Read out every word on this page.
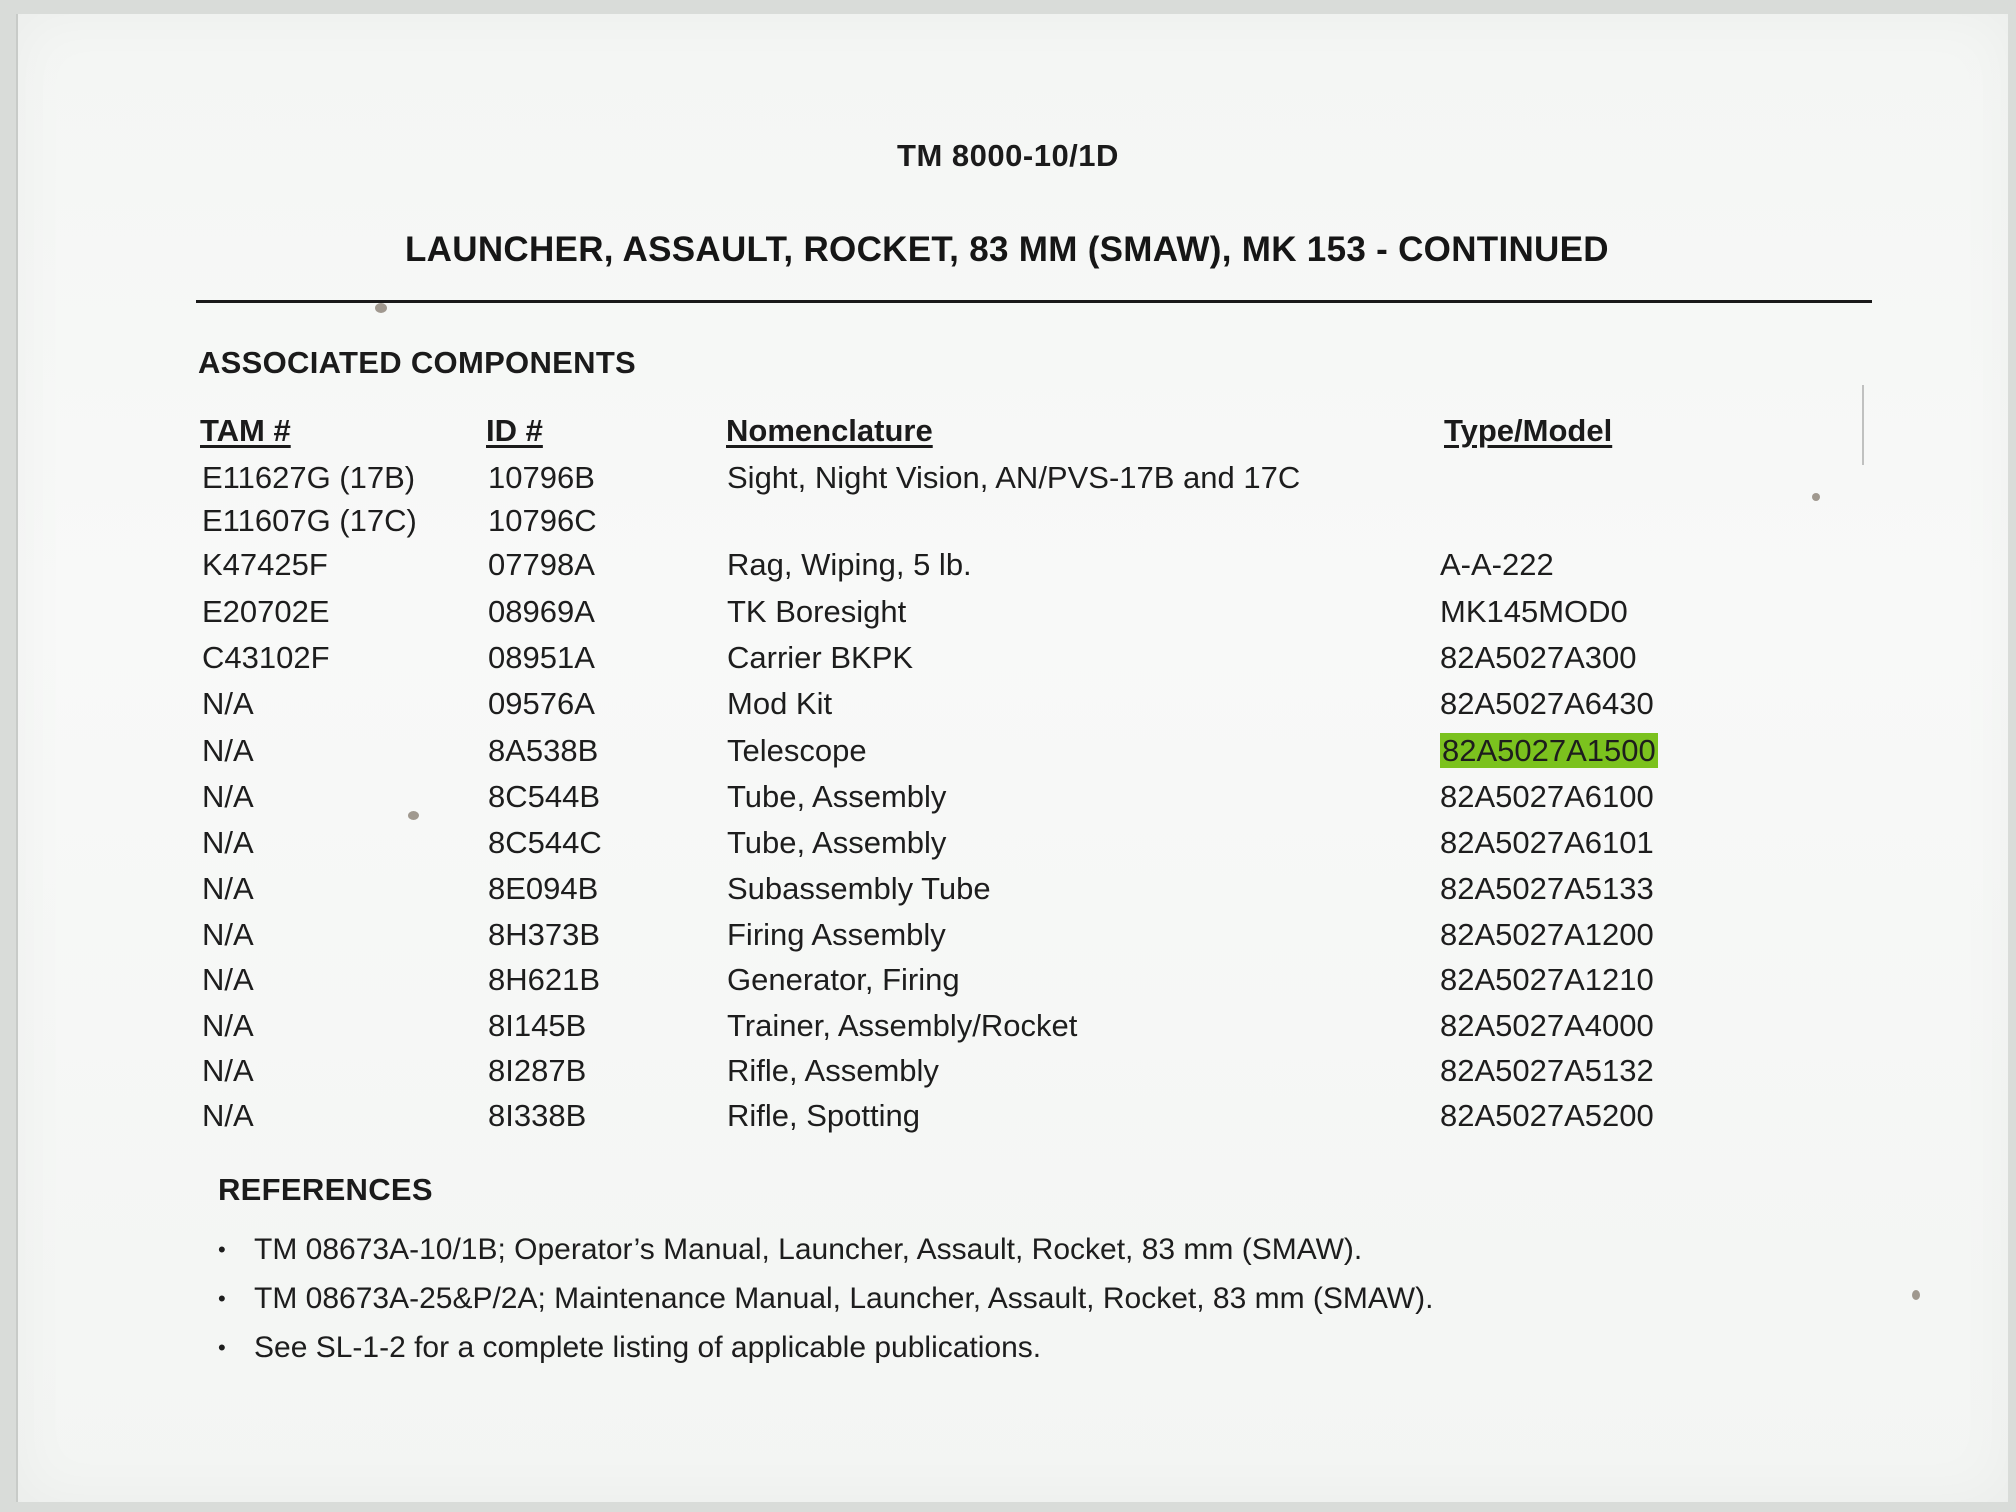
TM 8000-10/1D
LAUNCHER, ASSAULT, ROCKET, 83 MM (SMAW), MK 153 - CONTINUED
ASSOCIATED COMPONENTS
TAM #	ID #	Nomenclature	Type/Model
E11627G (17B) 10796B	Sight, Night Vision, AN/PVS-17B and 17C
E11607G (17C) 10796C
K47425F	07798A	Rag, Wiping, 5 lb.	A-A-222
E20702E	08969A	TK Boresight	MK145MOD0
C43102F	08951A	Carrier BKPK	82A5027A300
N/A	09576A	Mod Kit	82A5027A6430
N/A	8A538B	Telescope	82A5027A1500
N/A	8C544B	Tube, Assembly	82A5027A6100
N/A	8C544C	Tube, Assembly	82A5027A6101
N/A	8E094B	Subassembly Tube	82A5027A5133
N/A	8H373B	Firing Assembly	82A5027A1200
N/A	8H621B	Generator, Firing	82A5027A1210
N/A	8I145B	Trainer, Assembly/Rocket	82A5027A4000
N/A	8I287B	Rifle, Assembly	82A5027A5132
N/A	8I338B	Rifle, Spotting	82A5027A5200
REFERENCES
• TM 08673A-10/1B; Operator’s Manual, Launcher, Assault, Rocket, 83 mm (SMAW).
• TM 08673A-25&P/2A; Maintenance Manual, Launcher, Assault, Rocket, 83 mm (SMAW).
• See SL-1-2 for a complete listing of applicable publications.
